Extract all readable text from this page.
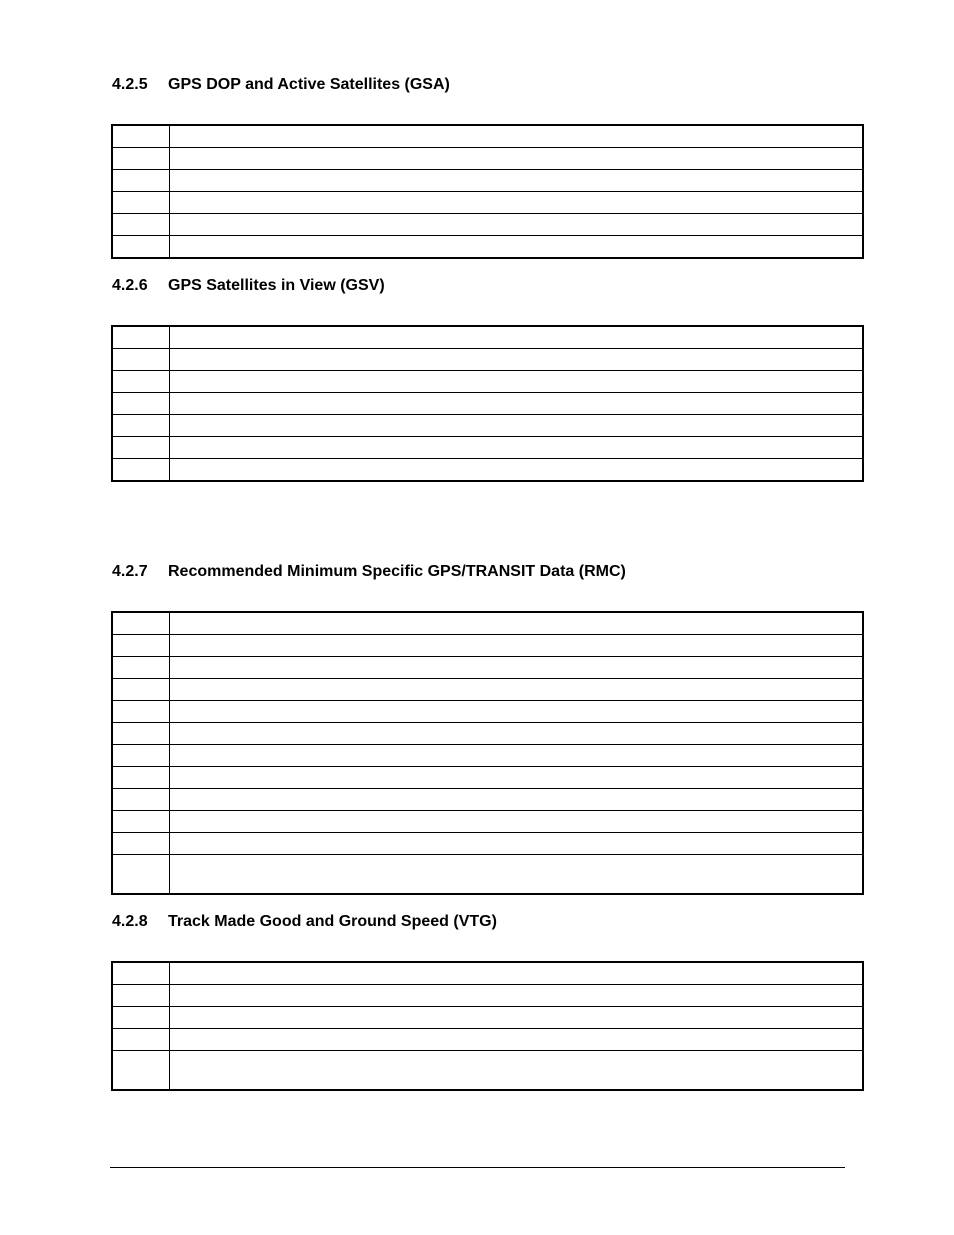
4.2.5 GPS DOP and Active Satellites (GSA)

4.2.6 GPS Satellites in View (GSV)

4.2.7 Recommended Minimum Specific GPS/TRANSIT Data (RMC)

4.2.8 Track Made Good and Ground Speed (VTG)
